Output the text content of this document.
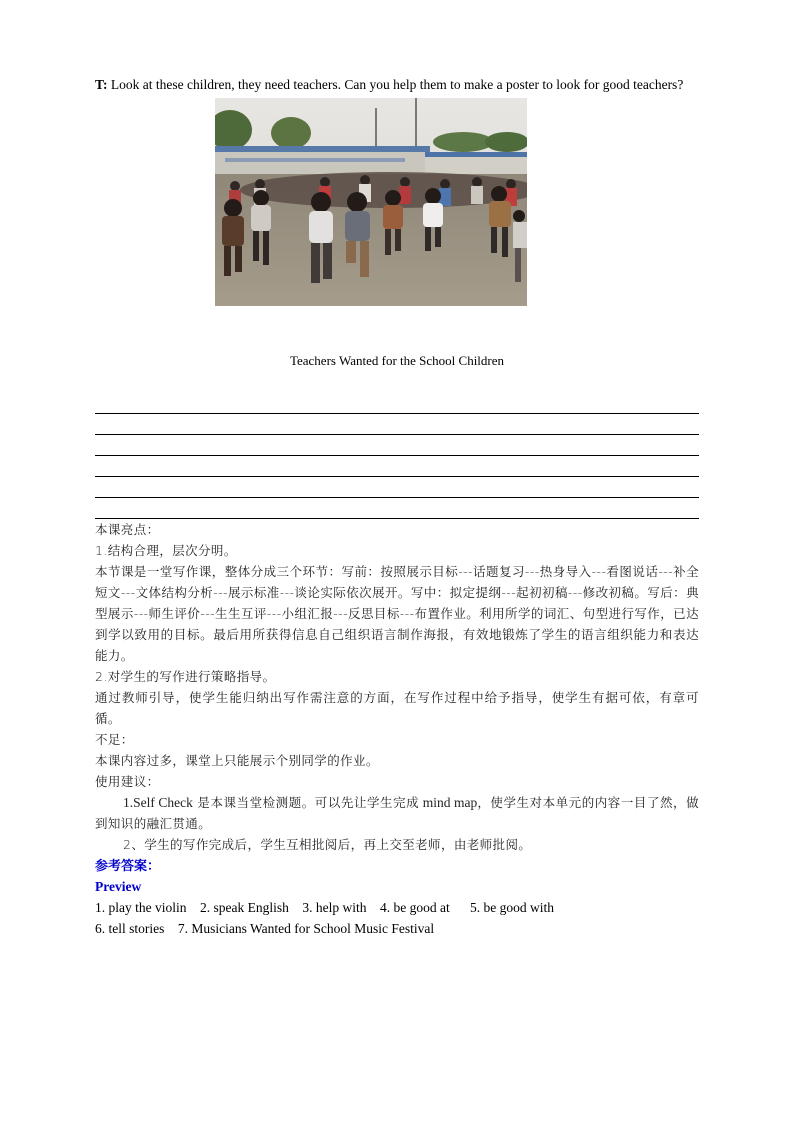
T: Look at these children, they need teachers. Can you help them to make a poster to look for good teachers?

Teachers Wanted for the School Children

本课亮点：

1.结构合理，层次分明。

本节课是一堂写作课，整体分成三个环节：写前：按照展示目标---话题复习---热身导入---看图说话---补全短文---文体结构分析---展示标准---谈论实际依次展开。写中：拟定提纲---起初初稿---修改初稿。写后：典型展示---师生评价---生生互评---小组汇报---反思目标---布置作业。利用所学的词汇、句型进行写作，已达到学以致用的目标。最后用所获得信息自己组织语言制作海报，有效地锻炼了学生的语言组织能力和表达能力。

2.对学生的写作进行策略指导。

通过教师引导，使学生能归纳出写作需注意的方面，在写作过程中给予指导，使学生有据可依，有章可循。

不足：

本课内容过多，课堂上只能展示个别同学的作业。

使用建议：

1.Self Check 是本课当堂检测题。可以先让学生完成 mind map，使学生对本单元的内容一目了然，做到知识的融汇贯通。

2、学生的写作完成后，学生互相批阅后，再上交至老师，由老师批阅。

参考答案：
Preview

1. play the violin    2. speak English    3. help with    4. be good at      5. be good with

6. tell stories    7. Musicians Wanted for School Music Festival
